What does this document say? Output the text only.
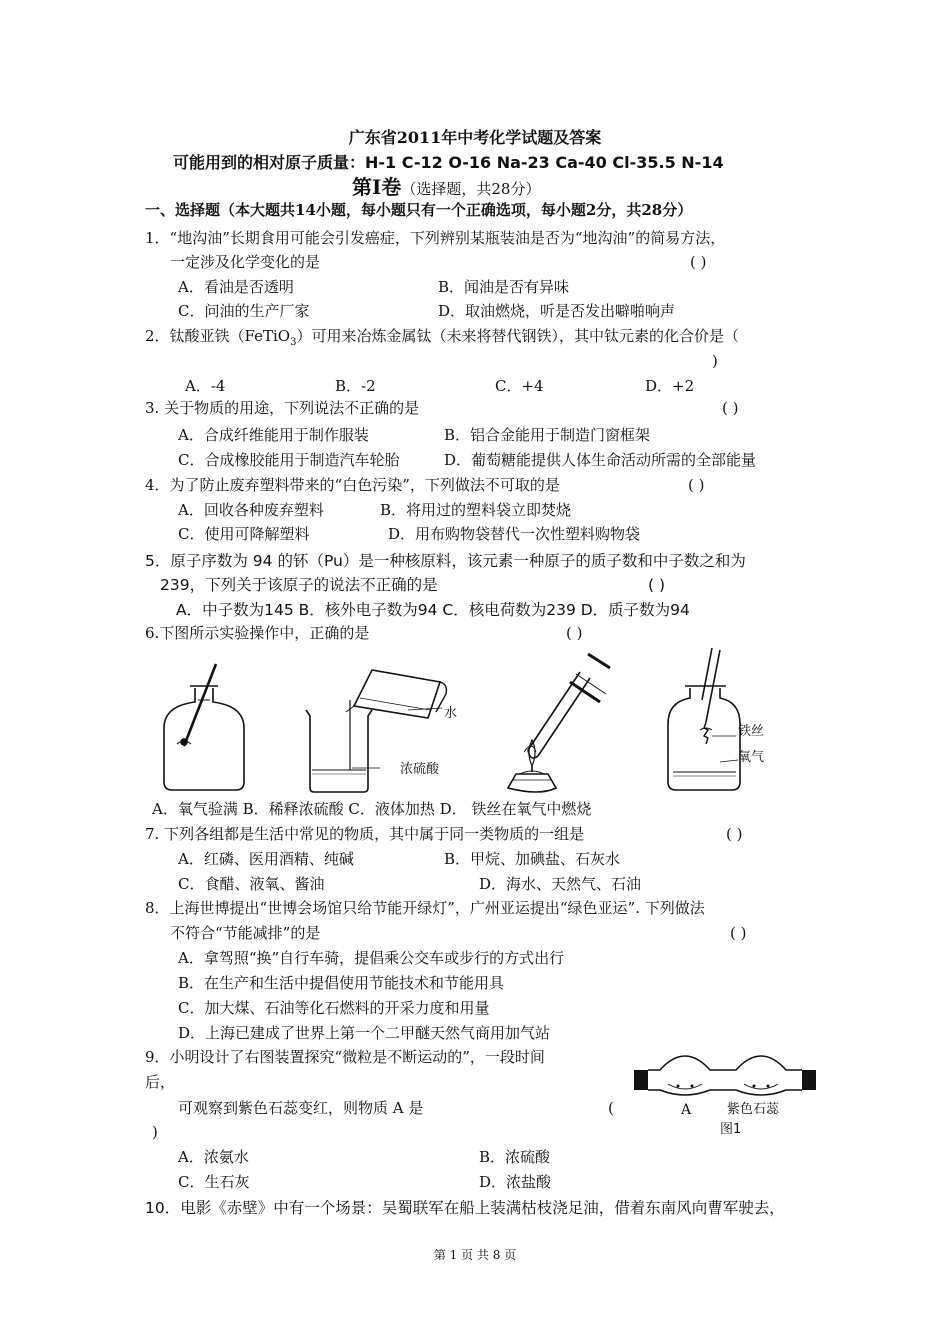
广东省2011年中考化学试题及答案
可能用到的相对原子质量：H-1 C-12 O-16 Na-23 Ca-40 Cl-35.5 N-14
第Ⅰ卷（选择题，共28分）
一、选择题（本大题共14小题，每小题只有一个正确选项，每小题2分，共28分）
1．“地沟油”长期食用可能会引发癌症，下列辨别某瓶装油是否为“地沟油”的简易方法，
一定涉及化学变化的是	( )
A．看油是否透明	B．闻油是否有异味
C．问油的生产厂家	D．取油燃烧，听是否发出噼啪响声
2．钛酸亚铁（FeTiO$_3$）可用来冶炼金属钛（未来将替代钢铁），其中钛元素的化合价是（
)
A．-4	B．-2	C．+4	D．+2
3. 关于物质的用途，下列说法不正确的是	( )
A．合成纤维能用于制作服装	B．铝合金能用于制造门窗框架
C．合成橡胶能用于制造汽车轮胎	D．葡萄糖能提供人体生命活动所需的全部能量
4．为了防止废弃塑料带来的“白色污染”，下列做法不可取的是	( )
A．回收各种废弃塑料	B．将用过的塑料袋立即焚烧
C．使用可降解塑料	D．用布购物袋替代一次性塑料购物袋
5．原子序数为 94 的钚（Pu）是一种核原料，该元素一种原子的质子数和中子数之和为
239，下列关于该原子的说法不正确的是	( )
A．中子数为145 B．核外电子数为94 C．核电荷数为239 D．质子数为94
6.下图所示实验操作中，正确的是	( )
水
浓硫酸
铁丝
氧气
A．氧气验满 B．稀释浓硫酸 C．液体加热 D． 铁丝在氧气中燃烧
7. 下列各组都是生活中常见的物质，其中属于同一类物质的一组是	( )
A．红磷、医用酒精、纯碱	B．甲烷、加碘盐、石灰水
C．食醋、液氧、酱油	D．海水、天然气、石油
8．上海世博提出“世博会场馆只给节能开绿灯”，广州亚运提出“绿色亚运”. 下列做法
不符合“节能减排”的是	( )
A．拿驾照“换”自行车骑，提倡乘公交车或步行的方式出行
B．在生产和生活中提倡使用节能技术和节能用具
C．加大煤、石油等化石燃料的开采力度和用量
D．上海已建成了世界上第一个二甲醚天然气商用加气站
9．小明设计了右图装置探究“微粒是不断运动的”，一段时间
后，
可观察到紫色石蕊变红，则物质 A 是	(
)
A	紫色石蕊
图1
A．浓氨水	B．浓硫酸
C．生石灰	D．浓盐酸
10．电影《赤壁》中有一个场景：吴蜀联军在船上装满枯枝浇足油，借着东南风向曹军驶去，
第 1 页 共 8 页
